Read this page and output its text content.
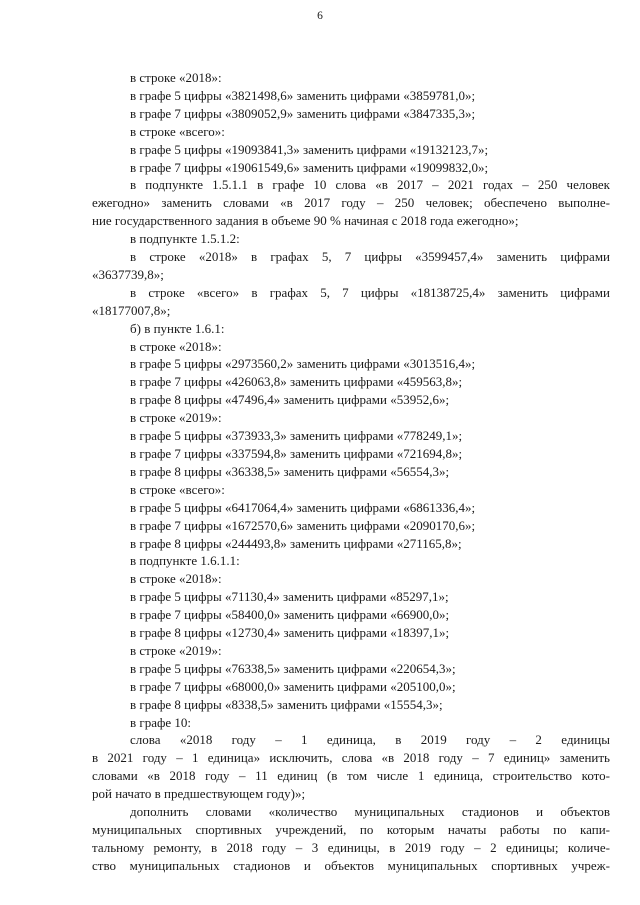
6
в строке «2018»:
в графе 5 цифры «3821498,6» заменить цифрами «3859781,0»;
в графе 7 цифры «3809052,9» заменить цифрами «3847335,3»;
в строке «всего»:
в графе 5 цифры «19093841,3» заменить цифрами «19132123,7»;
в графе 7 цифры «19061549,6» заменить цифрами «19099832,0»;
в подпункте 1.5.1.1 в графе 10 слова «в 2017 – 2021 годах – 250 человек
ежегодно» заменить словами «в 2017 году – 250 человек; обеспечено выполне-
ние государственного задания в объеме 90 % начиная с 2018 года ежегодно»;
в подпункте 1.5.1.2:
в строке «2018» в графах 5, 7 цифры «3599457,4» заменить цифрами
«3637739,8»;
в строке «всего» в графах 5, 7 цифры «18138725,4» заменить цифрами
«18177007,8»;
б) в пункте 1.6.1:
в строке «2018»:
в графе 5 цифры «2973560,2» заменить цифрами «3013516,4»;
в графе 7 цифры «426063,8» заменить цифрами «459563,8»;
в графе 8 цифры «47496,4» заменить цифрами «53952,6»;
в строке «2019»:
в графе 5 цифры «373933,3» заменить цифрами «778249,1»;
в графе 7 цифры «337594,8» заменить цифрами «721694,8»;
в графе 8 цифры «36338,5» заменить цифрами «56554,3»;
в строке «всего»:
в графе 5 цифры «6417064,4» заменить цифрами «6861336,4»;
в графе 7 цифры «1672570,6» заменить цифрами «2090170,6»;
в графе 8 цифры «244493,8» заменить цифрами «271165,8»;
в подпункте 1.6.1.1:
в строке «2018»:
в графе 5 цифры «71130,4» заменить цифрами «85297,1»;
в графе 7 цифры «58400,0» заменить цифрами «66900,0»;
в графе 8 цифры «12730,4» заменить цифрами «18397,1»;
в строке «2019»:
в графе 5 цифры «76338,5» заменить цифрами «220654,3»;
в графе 7 цифры «68000,0» заменить цифрами «205100,0»;
в графе 8 цифры «8338,5» заменить цифрами «15554,3»;
в графе 10:
слова «2018 году – 1 единица, в 2019 году – 2 единицы
в 2021 году – 1 единица» исключить, слова «в 2018 году – 7 единиц» заменить
словами «в 2018 году – 11 единиц (в том числе 1 единица, строительство кото-
рой начато в предшествующем году)»;
дополнить словами «количество муниципальных стадионов и объектов
муниципальных спортивных учреждений, по которым начаты работы по капи-
тальному ремонту, в 2018 году – 3 единицы, в 2019 году – 2 единицы; количе-
ство муниципальных стадионов и объектов муниципальных спортивных учреж-
